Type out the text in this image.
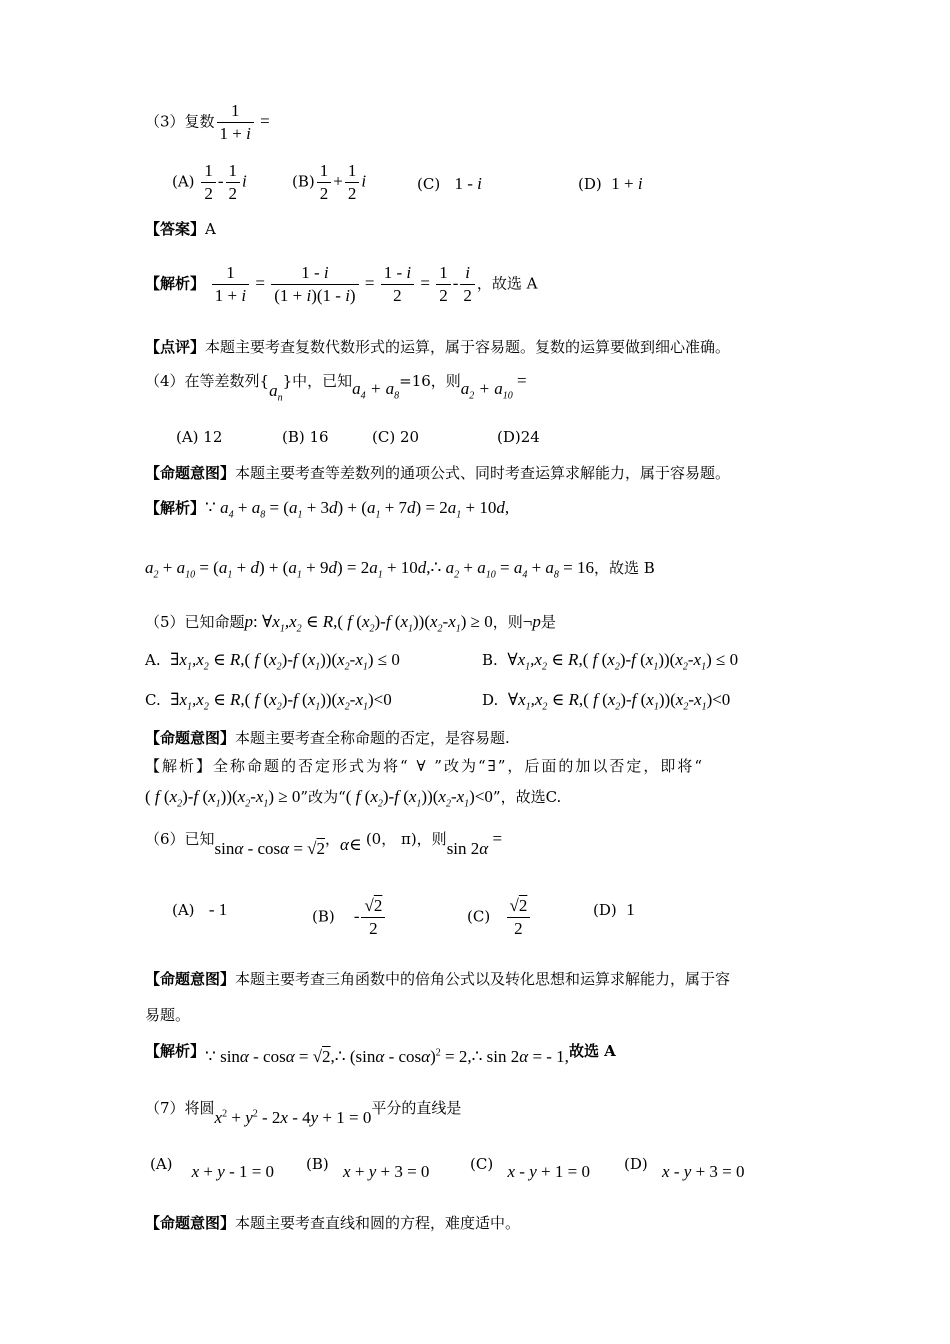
（3）复数 $\frac{1}{1 + i}$ =
$(A) \frac{1}{2} - \frac{1}{2}$ i	$(B) \frac{1}{2} + \frac{1}{2}$ i	(C) 1 - i	(D) 1 + i
【答案】A
【解析】 $\frac{1}{1 + i} = \frac{1 - i}{(1 + i)(1 - i)} = \frac{1 - i}{2} = \frac{1}{2} - \frac{i}{2}$ ，故选 A
【点评】本题主要考查复数代数形式的运算，属于容易题。复数的运算要做到细心准确。
（4）在等差数列$\{a_n\}$中，已知$a_4 + a_8=16$，则$a_2 + a_{10}$ =
(A) 12	(B) 16	(C) 20	(D)24
【命题意图】本题主要考查等差数列的通项公式、同时考查运算求解能力，属于容易题。
【解析】∵ $a_4 + a_8 = (a_1 + 3d) + (a_1 + 7d) = 2a_1 + 10d$,
$a_2 + a_{10} = (a_1 + d) + (a_1 + 9d) = 2a_1$ + 10d,∴ $a_2 + a_{10} = a_4 + a_8 = 16$，故选 B
（5）已知命题p: $\forall x_1,x_2$ ∈ R,( f $(x_2)-f$ $(x_1))(x_2-x_1) \ge 0$，则¬p是
A. $\exists x_1,x_2$ ∈ R,( f $(x_2)-f$ $(x_1))(x_2-x_1) \le 0$	B. $\forall x_1,x_2$ ∈ R,( f $(x_2)-f$ $(x_1))(x_2-x_1) \le 0$
C. $\exists x_1,x_2$ ∈ R,( f $(x_2)-f$ $(x_1))(x_2-x_1)<0$	D. $\forall x_1,x_2$ ∈ R,( f $(x_2)-f$ $(x_1))(x_2-x_1)<0$
【命题意图】本题主要考查全称命题的否定，是容易题.
【解析】全称命题的否定形式为将“ ∀ ”改为“∃”，后面的加以否定，即将“
( f $(x_2)-f$ $(x_1))(x_2-x_1) \ge 0$”改为“( f $(x_2)-f$ $(x_1))(x_2-x_1)<0$”，故选C.
（6）已知sinα - cosα = √2，α∈ (0， π)，则sin 2α =
(A) - 1	$(B) - \frac{√2}{2}$	$(C) \frac{√2}{2}$	(D) 1
【命题意图】本题主要考查三角函数中的倍角公式以及转化思想和运算求解能力，属于容
易题。
【解析】∵ sinα - cosα = √2,∴ (sinα - cosα)$^2$ = 2,∴ sin 2α = - 1,故选 A
（7）将圆$x^2 + y^2 - 2x - 4y + 1 = 0$平分的直线是
(A) x + y - 1 = 0 (B) x + y + 3 = 0	(C) x - y + 1 = 0 (D) x - y + 3 = 0
【命题意图】本题主要考查直线和圆的方程，难度适中。
